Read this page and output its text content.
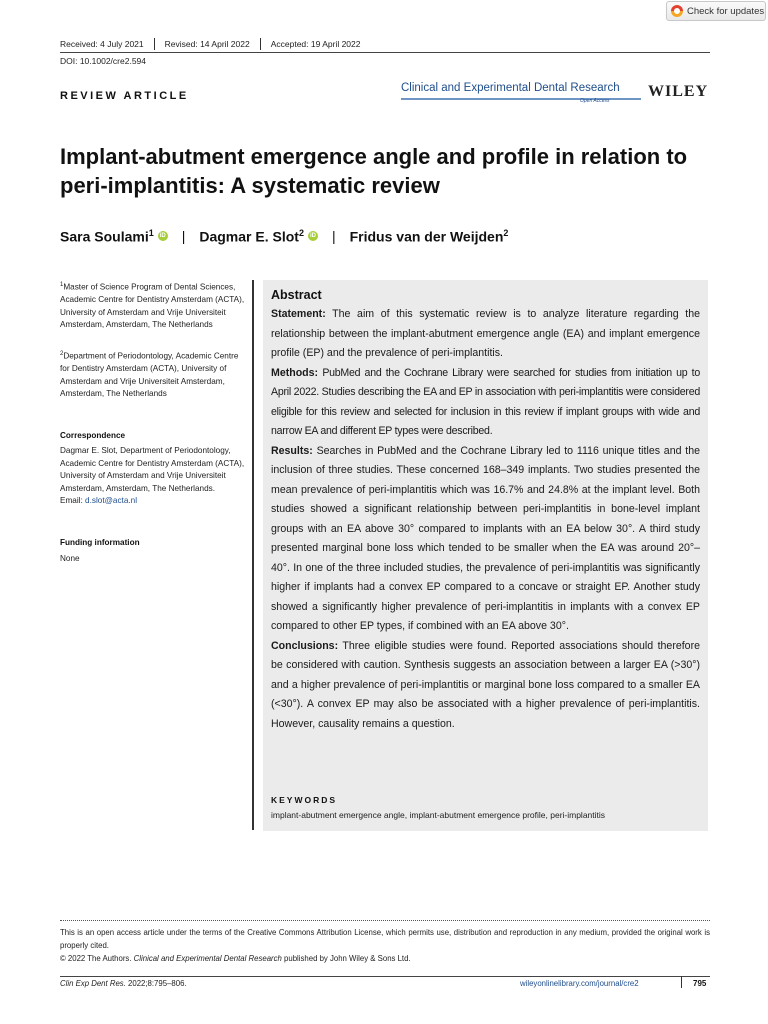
Check for updates
Received: 4 July 2021	Revised: 14 April 2022	Accepted: 19 April 2022
DOI: 10.1002/cre2.594
REVIEW ARTICLE
Clinical and Experimental Dental Research
Open Access
WILEY
Implant-abutment emergence angle and profile in relation to peri-implantitis: A systematic review
Sara Soulami$^1$	iD | Dagmar E. Slot$^2$	iD | Fridus van der Weijden$^2$
$^1$Master of Science Program of Dental Sciences, Academic Centre for Dentistry Amsterdam (ACTA), University of Amsterdam and Vrije Universiteit Amsterdam, Amsterdam, The Netherlands
$^2$Department of Periodontology, Academic Centre for Dentistry Amsterdam (ACTA), University of Amsterdam and Vrije Universiteit Amsterdam, Amsterdam, The Netherlands
Correspondence
Dagmar E. Slot, Department of Periodontology, Academic Centre for Dentistry Amsterdam (ACTA), University of Amsterdam and Vrije Universiteit Amsterdam, Amsterdam, The Netherlands.
Email: d.slot@acta.nl
Funding information
None
Abstract

Statement: The aim of this systematic review is to analyze literature regarding the relationship between the implant-abutment emergence angle (EA) and implant emergence profile (EP) and the prevalence of peri-implantitis.

Methods: PubMed and the Cochrane Library were searched for studies from initiation up to April 2022. Studies describing the EA and EP in association with peri-implantitis were considered eligible for this review and selected for inclusion in this review if implant groups with wide and narrow EA and different EP types were described.

Results: Searches in PubMed and the Cochrane Library led to 1116 unique titles and the inclusion of three studies. These concerned 168–349 implants. Two studies presented the mean prevalence of peri-implantitis which was 16.7% and 24.8% at the implant level. Both studies showed a significant relationship between peri-implantitis in bone-level implant groups with an EA above 30° compared to implants with an EA below 30°. A third study presented marginal bone loss which tended to be smaller when the EA was around 20°–40°. In one of the three included studies, the prevalence of peri-implantitis was significantly higher if implants had a convex EP compared to a concave or straight EP. Another study showed a significantly higher prevalence of peri-implantitis in implants with a convex EP compared to other EP types, if combined with an EA above 30°.

Conclusions: Three eligible studies were found. Reported associations should therefore be considered with caution. Synthesis suggests an association between a larger EA (>30°) and a higher prevalence of peri-implantitis or marginal bone loss compared to a smaller EA (<30°). A convex EP may also be associated with a higher prevalence of peri-implantitis. However, causality remains a question.

KEYWORDS
implant-abutment emergence angle, implant-abutment emergence profile, peri-implantitis
This is an open access article under the terms of the Creative Commons Attribution License, which permits use, distribution and reproduction in any medium, provided the original work is properly cited.
© 2022 The Authors. Clinical and Experimental Dental Research published by John Wiley & Sons Ltd.
Clin Exp Dent Res. 2022;8:795–806.	wileyonlinelibrary.com/journal/cre2	795
